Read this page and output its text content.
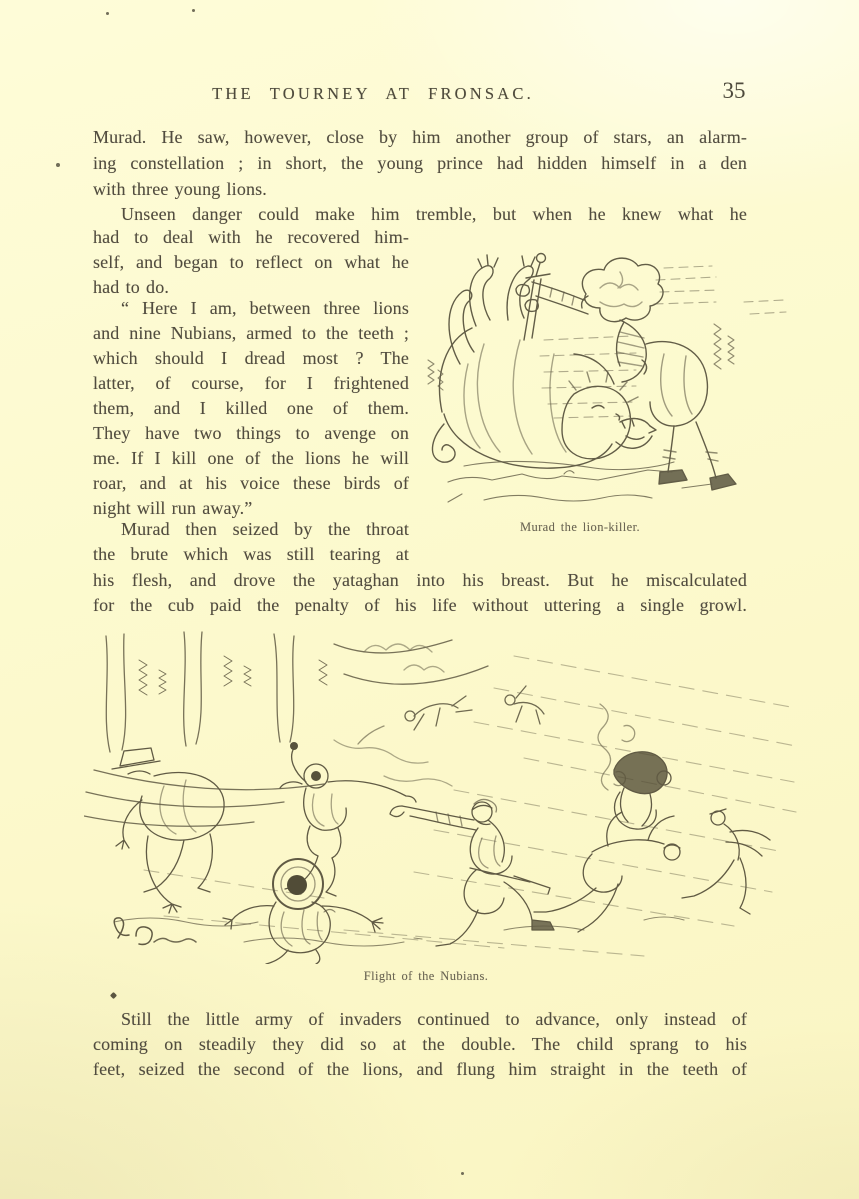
THE TOURNEY AT FRONSAC.	35
Murad. He saw, however, close by him another group of stars, an alarm-
ing constellation ; in short, the young prince had hidden himself in a den
with three young lions.
Unseen danger could make him tremble, but when he knew what he
had to deal with he recovered him-
self, and began to reflect on what he
had to do.
“ Here I am, between three lions
and nine Nubians, armed to the teeth ;
which should I dread most ? The
latter, of course, for I frightened
them, and I killed one of them.
They have two things to avenge on
me. If I kill one of the lions he will
roar, and at his voice these birds of
night will run away.”
Murad then seized by the throat
the brute which was still tearing at
his flesh, and drove the yataghan into his breast. But he miscalculated
for the cub paid the penalty of his life without uttering a single growl.
Still the little army of invaders continued to advance, only instead of
coming on steadily they did so at the double. The child sprang to his
feet, seized the second of the lions, and flung him straight in the teeth of
Murad the lion-killer.
Flight of the Nubians.
